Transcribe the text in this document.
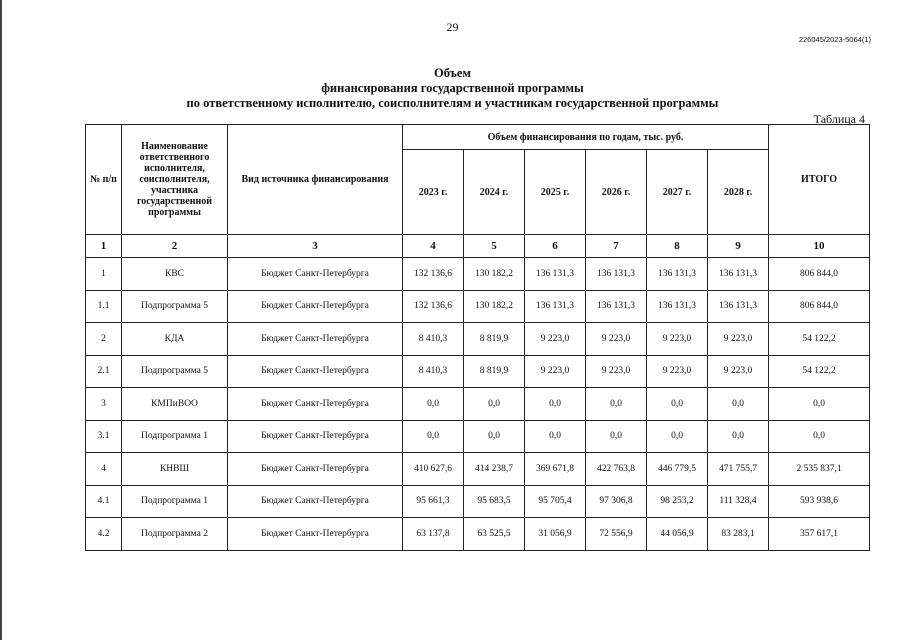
29
226045/2023-5064(1)
Объем
финансирования государственной программы
по ответственному исполнителю, соисполнителям и участникам государственной программы
Таблица 4
№ п/п	Наименование ответственного исполнителя, соисполнителя, участника государственной программы	Вид источника финансирования	Объем финансирования по годам, тыс. руб.						ИТОГО
			2023 г.	2024 г.	2025 г.	2026 г.	2027 г.	2028 г.	
1	2	3	4	5	6	7	8	9	10
1	КВС	Бюджет Санкт-Петербурга	132 136,6	130 182,2	136 131,3	136 131,3	136 131,3	136 131,3	806 844,0
1.1	Подпрограмма 5	Бюджет Санкт-Петербурга	132 136,6	130 182,2	136 131,3	136 131,3	136 131,3	136 131,3	806 844,0
2	КДА	Бюджет Санкт-Петербурга	8 410,3	8 819,9	9 223,0	9 223,0	9 223,0	9 223,0	54 122,2
2.1	Подпрограмма 5	Бюджет Санкт-Петербурга	8 410,3	8 819,9	9 223,0	9 223,0	9 223,0	9 223,0	54 122,2
3	КМПиВОО	Бюджет Санкт-Петербурга	0,0	0,0	0,0	0,0	0,0	0,0	0,0
3.1	Подпрограмма 1	Бюджет Санкт-Петербурга	0,0	0,0	0,0	0,0	0,0	0,0	0,0
4	КНВШ	Бюджет Санкт-Петербурга	410 627,6	414 238,7	369 671,8	422 763,8	446 779,5	471 755,7	2 535 837,1
4.1	Подпрограмма 1	Бюджет Санкт-Петербурга	95 661,3	95 683,5	95 705,4	97 306,8	98 253,2	111 328,4	593 938,6
4.2	Подпрограмма 2	Бюджет Санкт-Петербурга	63 137,8	63 525,5	31 056,9	72 556,9	44 056,9	83 283,1	357 617,1
